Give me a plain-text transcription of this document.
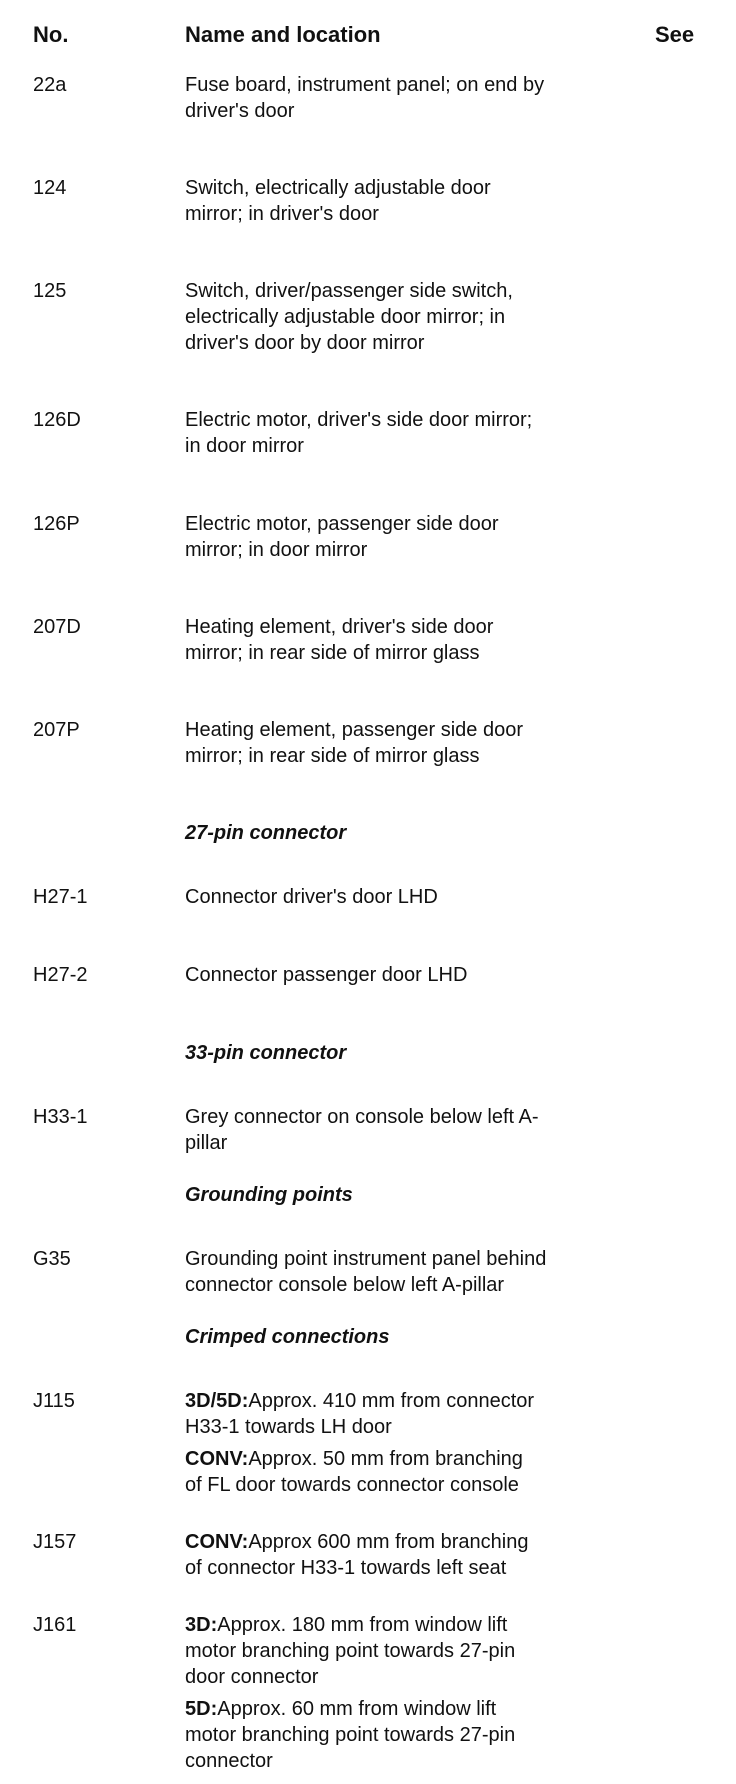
No.	Name and location	See
22a	Fuse board, instrument panel; on end by
driver's door
124	Switch, electrically adjustable door
mirror; in driver's door
125	Switch, driver/passenger side switch,
electrically adjustable door mirror; in
driver's door by door mirror
126D	Electric motor, driver's side door mirror;
in door mirror
126P	Electric motor, passenger side door
mirror; in door mirror
207D	Heating element, driver's side door
mirror; in rear side of mirror glass
207P	Heating element, passenger side door
mirror; in rear side of mirror glass
27-pin connector
H27-1	Connector driver's door LHD
H27-2	Connector passenger door LHD
33-pin connector
H33-1	Grey connector on console below left A-
pillar
Grounding points
G35	Grounding point instrument panel behind
connector console below left A-pillar
Crimped connections
J115	3D/5D:Approx. 410 mm from connector
H33-1 towards LH door
CONV:Approx. 50 mm from branching
of FL door towards connector console
J157	CONV:Approx 600 mm from branching
of connector H33-1 towards left seat
J161	3D:Approx. 180 mm from window lift
motor branching point towards 27-pin
door connector
5D:Approx. 60 mm from window lift
motor branching point towards 27-pin
connector
